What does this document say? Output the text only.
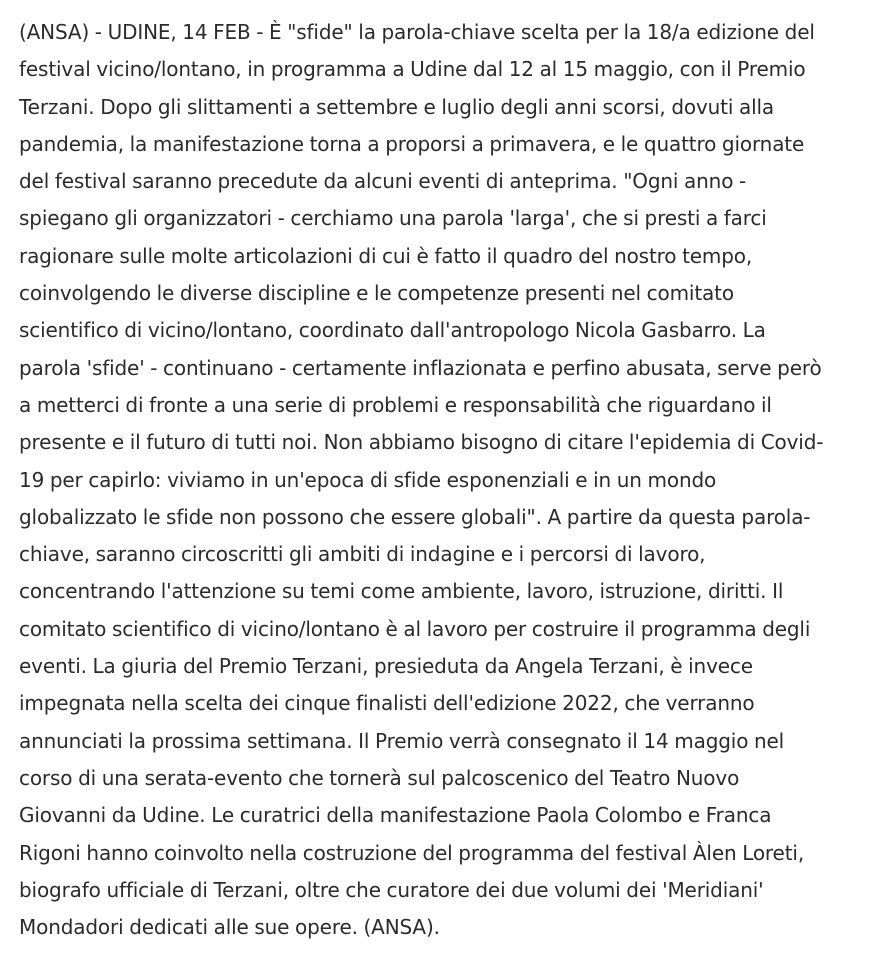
(ANSA) - UDINE, 14 FEB - È "sfide" la parola-chiave scelta per la 18/a edizione del
festival vicino/lontano, in programma a Udine dal 12 al 15 maggio, con il Premio
Terzani. Dopo gli slittamenti a settembre e luglio degli anni scorsi, dovuti alla
pandemia, la manifestazione torna a proporsi a primavera, e le quattro giornate
del festival saranno precedute da alcuni eventi di anteprima. "Ogni anno -
spiegano gli organizzatori - cerchiamo una parola 'larga', che si presti a farci
ragionare sulle molte articolazioni di cui è fatto il quadro del nostro tempo,
coinvolgendo le diverse discipline e le competenze presenti nel comitato
scientifico di vicino/lontano, coordinato dall'antropologo Nicola Gasbarro. La
parola 'sfide' - continuano - certamente inflazionata e perfino abusata, serve però
a metterci di fronte a una serie di problemi e responsabilità che riguardano il
presente e il futuro di tutti noi. Non abbiamo bisogno di citare l'epidemia di Covid-
19 per capirlo: viviamo in un'epoca di sfide esponenziali e in un mondo
globalizzato le sfide non possono che essere globali". A partire da questa parola-
chiave, saranno circoscritti gli ambiti di indagine e i percorsi di lavoro,
concentrando l'attenzione su temi come ambiente, lavoro, istruzione, diritti. Il
comitato scientifico di vicino/lontano è al lavoro per costruire il programma degli
eventi. La giuria del Premio Terzani, presieduta da Angela Terzani, è invece
impegnata nella scelta dei cinque finalisti dell'edizione 2022, che verranno
annunciati la prossima settimana. Il Premio verrà consegnato il 14 maggio nel
corso di una serata-evento che tornerà sul palcoscenico del Teatro Nuovo
Giovanni da Udine. Le curatrici della manifestazione Paola Colombo e Franca
Rigoni hanno coinvolto nella costruzione del programma del festival Àlen Loreti,
biografo ufficiale di Terzani, oltre che curatore dei due volumi dei 'Meridiani'
Mondadori dedicati alle sue opere. (ANSA).
